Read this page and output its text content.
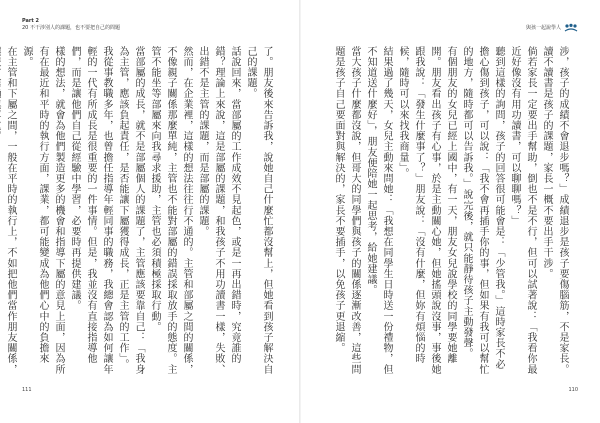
Part 2
20 不干涉別人的課題，也不要把自己的問題

了。朋友後來告訴我，說她自己什麼忙都沒幫上，但她看到孩子解決自己的課題。

話說回來，當部屬的工作成效不見起色，或是一再出錯時，究竟誰的錯？理論上來說，這是部屬的課題，和我孩子不用功讀書一樣，失敗、出錯不是主管的課題，而是部屬的課題。

然而，在企業裡，這樣的想法往往行不通的。主管和部屬之間的關係，不像親子關係那麼單純，主管也不能對部屬的錯誤採取放手的態度。主管不能坐等部屬來向我尋求援助，主管也必須積極採取行動。

當部屬的成長，就不是部屬個人的課題了，主管應該要靠自己：「我身為主管，應該負起責任，是否能讓下屬獲得成長，正是主管的工作」。

我從事教職多年，也曾擔任指導年輕同事的職務，我總會認為如何讓年輕的一代有所成長是很重要的一件事情。但是，我並沒有直接指導他們，而是讓他們自己從經驗中學習，必要時再提供建議。

樣的想法，就會為他們製造更多的機會和指導下屬的意見上面，因為所有在最近和平時的執行方面，課業，都可能變成為他們心中的負擔來源。

在主管和下屬之間，一般在平時的執行上，不如把他們當作朋友關係，

111
與孩一起說學人

涉，孩子的成績不會退步嗎？」成績退步是孩子要傷腦筋，不是家長。讀不讀書是孩子的課題，家長一概不要出手干涉。

倘若家長一定要出手幫助，倒也不是不行，但可以試著說：「我看你最近好像沒有用功讀書，可以聊聊嗎？」

聽到這樣的詢問，孩子的回答很可能會是：「少管我。」這時家長不必擔心傷到孩子，可以說：「我不會再插手你的事，但如果有我可以幫忙的地方，隨時都可以告訴我。」說完後，就只能靜待孩子主動發聲。

有個朋友的女兒已經上國中，有一天，朋友女兒說學校的同學要她離開。朋友看出孩子有心事，於是主動關心她，但她搖頭說沒事，事後她跟我說：「發生什麼事了？」朋友說：「沒有什麼，但妳有煩惱的時候，隨時可以來找我商量」。

結果過了幾天，女兒主動來問她：「我想在同學生日時送一份禮物，但不知道送什麼好」，朋友便陪她一起思考，給她建議。

當大孩子什麼都沒說，但哥大的同學們與孩子的關係逐漸改善，這些問題是孩子自己要面對與解決的，家長不要插手，以免孩子更退縮。

110
